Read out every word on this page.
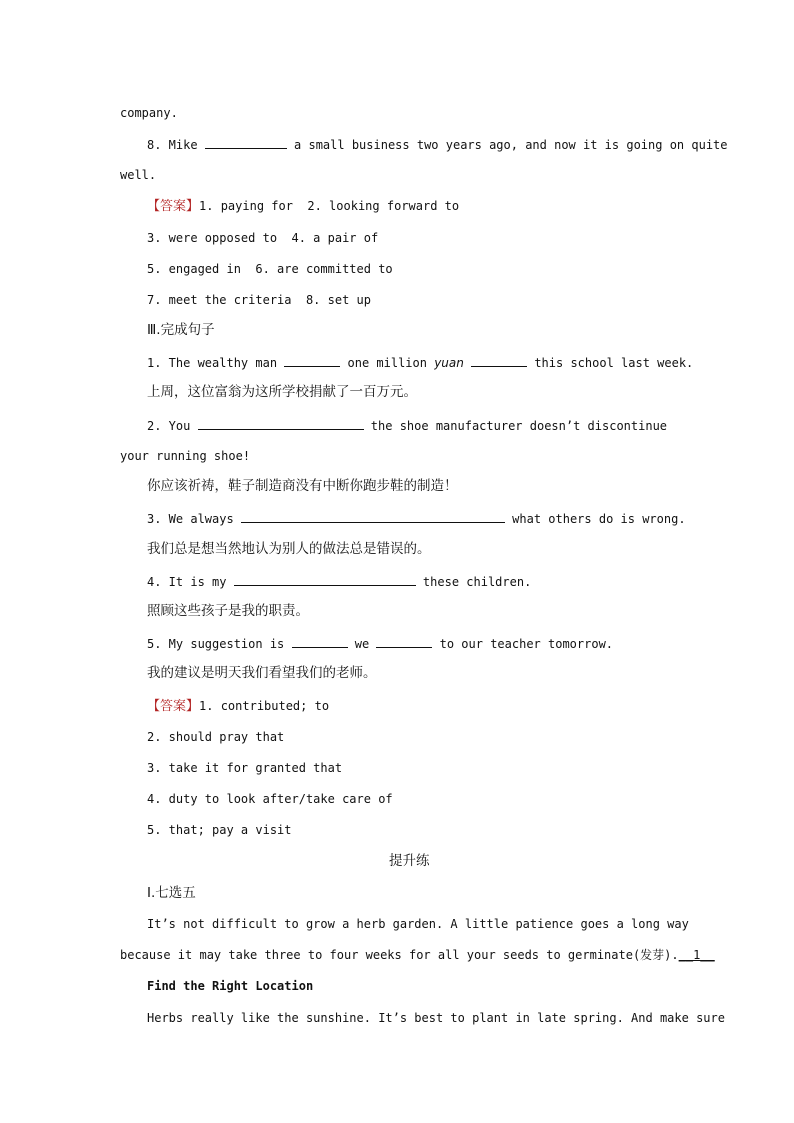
company.
8. Mike	a small business two years ago, and now it is going on quite
well.
【答案】1. paying for  2. looking forward to
3. were opposed to  4. a pair of
5. engaged in  6. are committed to
7. meet the criteria  8. set up
Ⅲ.完成句子
1. The wealthy man	one million yuan	this school last week.
上周，这位富翁为这所学校捐献了一百万元。
2. You	the shoe manufacturer doesn’t discontinue
your running shoe!
你应该祈祷，鞋子制造商没有中断你跑步鞋的制造！
3. We always	what others do is wrong.
我们总是想当然地认为别人的做法总是错误的。
4. It is my	these children.
照顾这些孩子是我的职责。
5. My suggestion is	we	to our teacher tomorrow.
我的建议是明天我们看望我们的老师。
【答案】1. contributed; to
2. should pray that
3. take it for granted that
4. duty to look after/take care of
5. that; pay a visit
提升练
Ⅰ.七选五
It’s not difficult to grow a herb garden. A little patience goes a long way
because it may take three to four weeks for all your seeds to germinate(发芽).__1__
Find the Right Location
Herbs really like the sunshine. It’s best to plant in late spring. And make sure
